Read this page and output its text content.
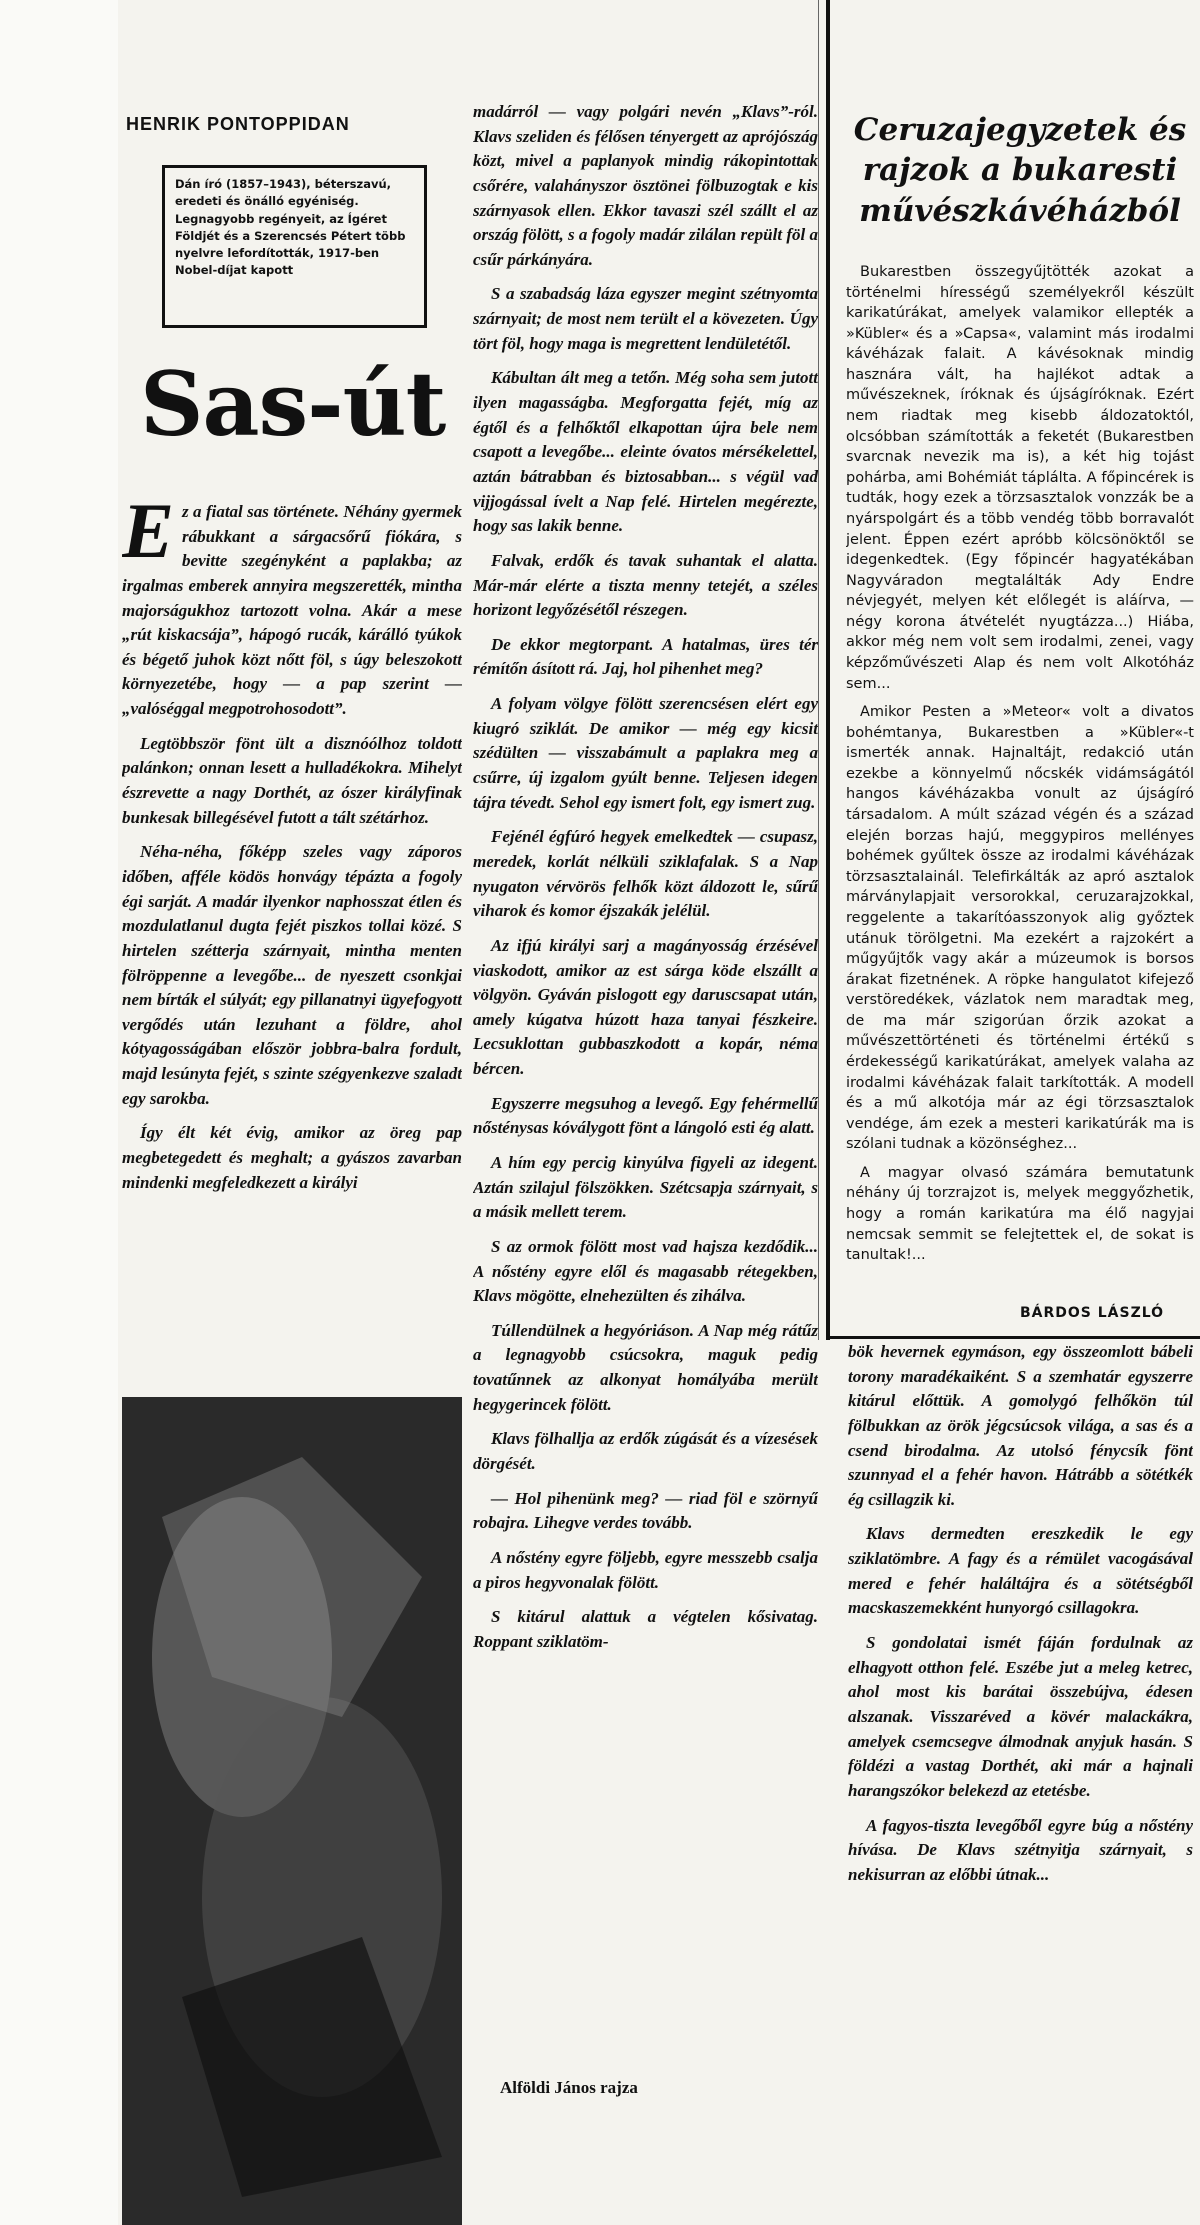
HENRIK PONTOPPIDAN
Dán író (1857–1943), béterszavú, eredeti és önálló egyéniség. Legnagyobb regényeit, az Ígéret Földjét és a Szerencsés Pétert több nyelvre lefordították, 1917-ben Nobel-díjat kapott
Sas-út

Ez a fiatal sas története. Néhány gyermek rábukkant a sárgacsőrű fiókára, s bevitte szegényként a paplakba; az irgalmas emberek annyira megszerették, mintha majorságukhoz tartozott volna. Akár a mese „rút kiskacsája”, hápogó rucák, kárálló tyúkok és bégető juhok közt nőtt föl, s úgy beleszokott környezetébe, hogy — a pap szerint — „valóséggal megpotrohosodott”.

Legtöbbször fönt ült a disznóólhoz toldott palánkon; onnan lesett a hulladékokra. Mihelyt észrevette a nagy Dorthét, az ószer királyfinak bunkesak billegésével futott a tált szétárhoz.

Néha-néha, főképp szeles vagy záporos időben, afféle ködös honvágy tépázta a fogoly égi sarját. A madár ilyenkor naphosszat étlen és mozdulatlanul dugta fejét piszkos tollai közé. S hirtelen szétterja szárnyait, mintha menten fölröppenne a levegőbe... de nyeszett csonkjai nem bírták el súlyát; egy pillanatnyi ügyefogyott vergődés után lezuhant a földre, ahol kótyagosságában először jobbra-balra fordult, majd lesúnyta fejét, s szinte szégyenkezve szaladt egy sarokba.

Így élt két évig, amikor az öreg pap megbetegedett és meghalt; a gyászos zavarban mindenki megfeledkezett a királyi

madárról — vagy polgári nevén „Klavs”-ról. Klavs szeliden és félősen tényergett az aprójószág közt, mivel a paplanyok mindig rákopintottak csőrére, valahányszor ösztönei fölbuzogtak e kis szárnyasok ellen. Ekkor tavaszi szél szállt el az ország fölött, s a fogoly madár zilálan repült föl a csűr párkányára.

S a szabadság láza egyszer megint szétnyomta szárnyait; de most nem terült el a kövezeten. Úgy tört föl, hogy maga is megrettent lendületétől.

Kábultan ált meg a tetőn. Még soha sem jutott ilyen magasságba. Megforgatta fejét, míg az égtől és a felhőktől elkapottan újra bele nem csapott a levegőbe... eleinte óvatos mérsékelettel, aztán bátrabban és biztosabban... s végül vad vijjogással ívelt a Nap felé. Hirtelen megérezte, hogy sas lakik benne.

Falvak, erdők és tavak suhantak el alatta. Már-már elérte a tiszta menny tetejét, a széles horizont legyőzésétől részegen.

De ekkor megtorpant. A hatalmas, üres tér rémítőn ásított rá. Jaj, hol pihenhet meg?

A folyam völgye fölött szerencsésen elért egy kiugró sziklát. De amikor — még egy kicsit szédülten — visszabámult a paplakra meg a csűrre, új izgalom gyúlt benne. Teljesen idegen tájra tévedt. Sehol egy ismert folt, egy ismert zug.

Fejénél égfúró hegyek emelkedtek — csupasz, meredek, korlát nélküli sziklafalak. S a Nap nyugaton vérvörös felhők közt áldozott le, sűrű viharok és komor éjszakák jelélül.

Az ifjú királyi sarj a magányosság érzésével viaskodott, amikor az est sárga köde elszállt a völgyön. Gyáván pislogott egy daruscsapat után, amely kúgatva húzott haza tanyai fészkeire. Lecsuklottan gubbaszkodott a kopár, néma bércen.

Egyszerre megsuhog a levegő. Egy fehérmellű nősténysas kóválygott fönt a lángoló esti ég alatt.

A hím egy percig kinyúlva figyeli az idegent. Aztán szilajul fölszökken. Szétcsapja szárnyait, s a másik mellett terem.

S az ormok fölött most vad hajsza kezdődik... A nőstény egyre elől és magasabb rétegekben, Klavs mögötte, elnehezülten és zihálva.

Túllendülnek a hegyóriáson. A Nap még rátűz a legnagyobb csúcsokra, maguk pedig tovatűnnek az alkonyat homályába merült hegygerincek fölött.

Klavs fölhallja az erdők zúgását és a vízesések dörgését.

— Hol pihenünk meg? — riad föl e szörnyű robajra. Lihegve verdes tovább.

A nőstény egyre följebb, egyre messzebb csalja a piros hegyvonalak fölött.

S kitárul alattuk a végtelen kősivatag. Roppant sziklatöm-

Alföldi János rajza
Ceruzajegyzetek és rajzok a bukaresti művészkávéházból

Bukarestben összegyűjtötték azokat a történelmi hírességű személyekről készült karikatúrákat, amelyek valamikor ellepték a »Kübler« és a »Capsa«, valamint más irodalmi kávéházak falait. A kávésoknak mindig hasznára vált, ha hajlékot adtak a művészeknek, íróknak és újságíróknak. Ezért nem riadtak meg kisebb áldozatoktól, olcsóbban számították a feketét (Bukarestben svarcnak nevezik ma is), a két hig tojást pohárba, ami Bohémiát táplálta. A főpincérek is tudták, hogy ezek a törzsasztalok vonzzák be a nyárspolgárt és a több vendég több borravalót jelent. Éppen ezért apróbb kölcsönöktől se idegenkedtek. (Egy főpincér hagyatékában Nagyváradon megtalálták Ady Endre névjegyét, melyen két előlegét is aláírva, — négy korona átvételét nyugtázza...) Hiába, akkor még nem volt sem irodalmi, zenei, vagy képzőművészeti Alap és nem volt Alkotóház sem...

Amikor Pesten a »Meteor« volt a divatos bohémtanya, Bukarestben a »Kübler«-t ismerték annak. Hajnaltájt, redakció után ezekbe a könnyelmű nőcskék vidámságától hangos kávéházakba vonult az újságíró társadalom. A múlt század végén és a század elején borzas hajú, meggypiros mellényes bohémek gyűltek össze az irodalmi kávéházak törzsasztalainál. Telefirkálták az apró asztalok márványlapjait versorokkal, ceruzarajzokkal, reggelente a takarítóasszonyok alig győztek utánuk törölgetni. Ma ezekért a rajzokért a műgyűjtők vagy akár a múzeumok is borsos árakat fizetnének. A röpke hangulatot kifejező verstöredékek, vázlatok nem maradtak meg, de ma már szigorúan őrzik azokat a művészettörténeti és történelmi értékű s érdekességű karikatúrákat, amelyek valaha az irodalmi kávéházak falait tarkították. A modell és a mű alkotója már az égi törzsasztalok vendége, ám ezek a mesteri karikatúrák ma is szólani tudnak a közönséghez...

A magyar olvasó számára bemutatunk néhány új torzrajzot is, melyek meggyőzhetik, hogy a román karikatúra ma élő nagyjai nemcsak semmit se felejtettek el, de sokat is tanultak!...

BÁRDOS LÁSZLÓ

bök hevernek egymáson, egy összeomlott bábeli torony maradékaiként. S a szemhatár egyszerre kitárul előttük. A gomolygó felhőkön túl fölbukkan az örök jégcsúcsok világa, a sas és a csend birodalma. Az utolsó fénycsík fönt szunnyad el a fehér havon. Hátrább a sötétkék ég csillagzik ki.

Klavs dermedten ereszkedik le egy sziklatömbre. A fagy és a rémület vacogásával mered e fehér haláltájra és a sötétségből macskaszemekként hunyorgó csillagokra.

S gondolatai ismét fáján fordulnak az elhagyott otthon felé. Eszébe jut a meleg ketrec, ahol most kis barátai összebújva, édesen alszanak. Visszaréved a kövér malackákra, amelyek csemcsegve álmodnak anyjuk hasán. S földézi a vastag Dorthét, aki már a hajnali harangszókor belekezd az etetésbe.

A fagyos-tiszta levegőből egyre búg a nőstény hívása. De Klavs szétnyitja szárnyait, s nekisurran az előbbi útnak...
